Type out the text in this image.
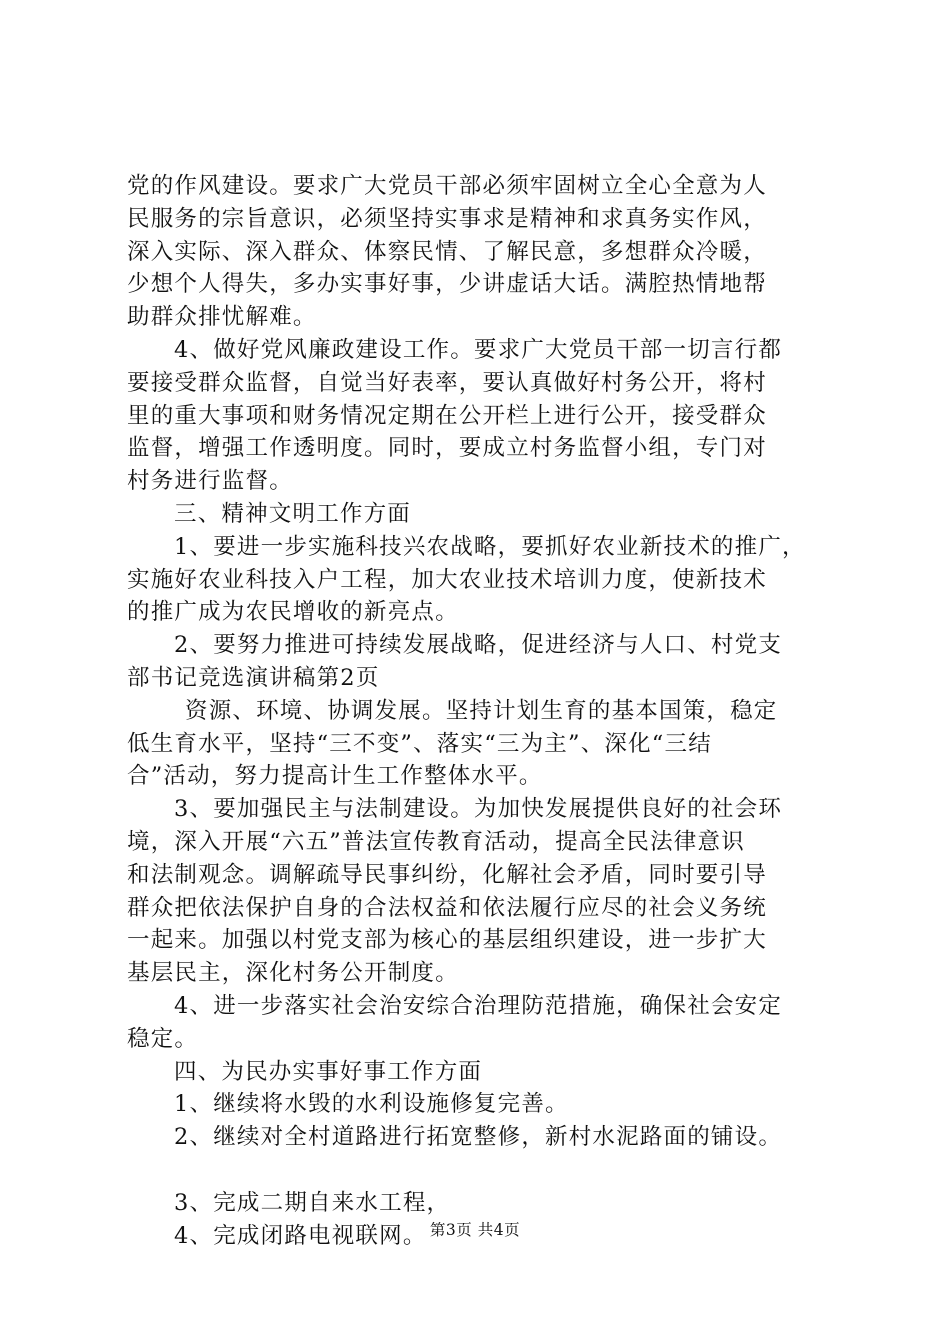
党的作风建设。要求广大党员干部必须牢固树立全心全意为人
民服务的宗旨意识，必须坚持实事求是精神和求真务实作风，
深入实际、深入群众、体察民情、了解民意，多想群众冷暖，
少想个人得失，多办实事好事，少讲虚话大话。满腔热情地帮
助群众排忧解难。
4、做好党风廉政建设工作。要求广大党员干部一切言行都
要接受群众监督，自觉当好表率，要认真做好村务公开，将村
里的重大事项和财务情况定期在公开栏上进行公开，接受群众
监督，增强工作透明度。同时，要成立村务监督小组，专门对
村务进行监督。
三、精神文明工作方面
1、要进一步实施科技兴农战略，要抓好农业新技术的推广，
实施好农业科技入户工程，加大农业技术培训力度，使新技术
的推广成为农民增收的新亮点。
2、要努力推进可持续发展战略，促进经济与人口、村党支
部书记竞选演讲稿第2页
资源、环境、协调发展。坚持计划生育的基本国策，稳定
低生育水平，坚持“三不变”、落实“三为主”、深化“三结
合”活动，努力提高计生工作整体水平。
3、要加强民主与法制建设。为加快发展提供良好的社会环
境，深入开展“六五”普法宣传教育活动，提高全民法律意识
和法制观念。调解疏导民事纠纷，化解社会矛盾，同时要引导
群众把依法保护自身的合法权益和依法履行应尽的社会义务统
一起来。加强以村党支部为核心的基层组织建设，进一步扩大
基层民主，深化村务公开制度。
4、进一步落实社会治安综合治理防范措施，确保社会安定
稳定。
四、为民办实事好事工作方面
1、继续将水毁的水利设施修复完善。
2、继续对全村道路进行拓宽整修，新村水泥路面的铺设。
3、完成二期自来水工程，
4、完成闭路电视联网。 第3页 共4页
